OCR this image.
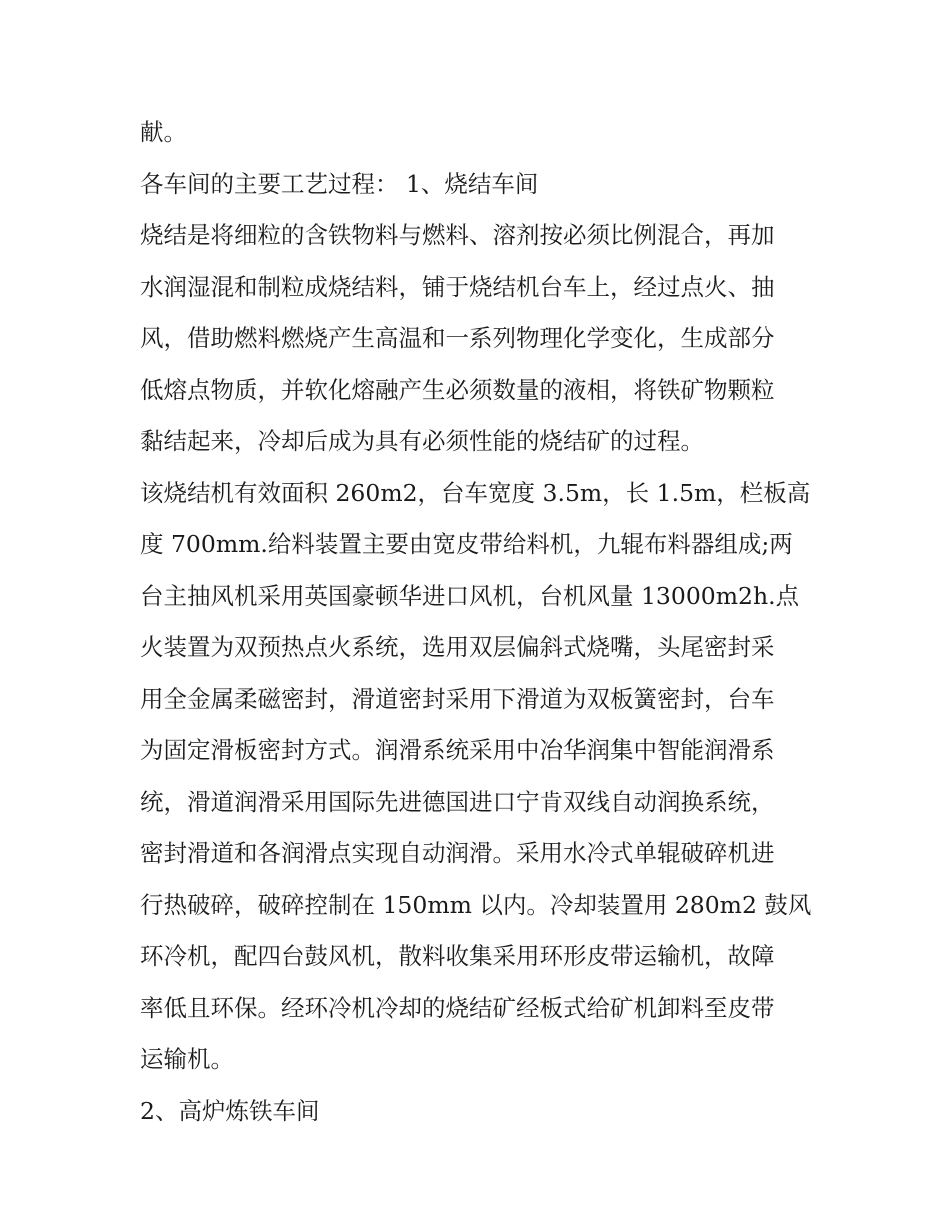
献。
各车间的主要工艺过程： 1、烧结车间
烧结是将细粒的含铁物料与燃料、溶剂按必须比例混合，再加
水润湿混和制粒成烧结料，铺于烧结机台车上，经过点火、抽
风，借助燃料燃烧产生高温和一系列物理化学变化，生成部分
低熔点物质，并软化熔融产生必须数量的液相，将铁矿物颗粒
黏结起来，冷却后成为具有必须性能的烧结矿的过程。
该烧结机有效面积 260m2，台车宽度 3.5m，长 1.5m，栏板高
度 700mm.给料装置主要由宽皮带给料机，九辊布料器组成;两
台主抽风机采用英国豪顿华进口风机，台机风量 13000m2h.点
火装置为双预热点火系统，选用双层偏斜式烧嘴，头尾密封采
用全金属柔磁密封，滑道密封采用下滑道为双板簧密封，台车
为固定滑板密封方式。润滑系统采用中冶华润集中智能润滑系
统，滑道润滑采用国际先进德国进口宁肯双线自动润换系统，
密封滑道和各润滑点实现自动润滑。采用水冷式单辊破碎机进
行热破碎，破碎控制在 150mm 以内。冷却装置用 280m2 鼓风
环冷机，配四台鼓风机，散料收集采用环形皮带运输机，故障
率低且环保。经环冷机冷却的烧结矿经板式给矿机卸料至皮带
运输机。
2、高炉炼铁车间
